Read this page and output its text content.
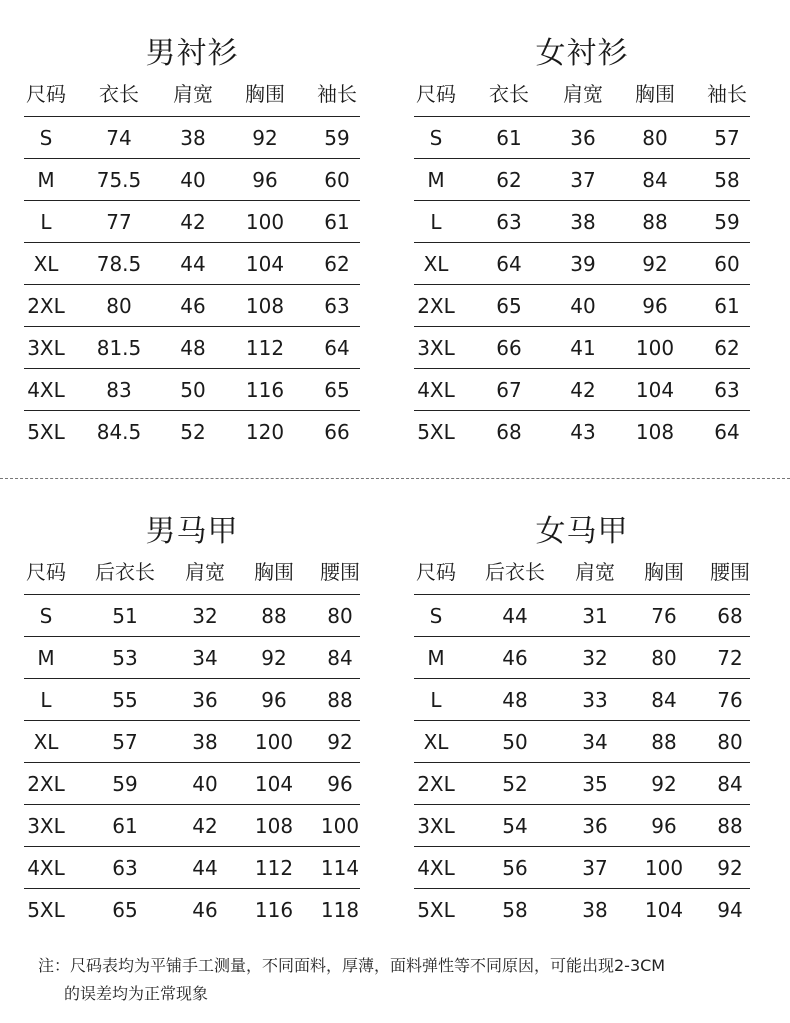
男衬衫
尺码	衣长	肩宽	胸围	袖长
S	74	38	92	59
M	75.5	40	96	60
L	77	42	100	61
XL	78.5	44	104	62
2XL	80	46	108	63
3XL	81.5	48	112	64
4XL	83	50	116	65
5XL	84.5	52	120	66
女衬衫
尺码	衣长	肩宽	胸围	袖长
S	61	36	80	57
M	62	37	84	58
L	63	38	88	59
XL	64	39	92	60
2XL	65	40	96	61
3XL	66	41	100	62
4XL	67	42	104	63
5XL	68	43	108	64
男马甲
尺码	后衣长	肩宽	胸围	腰围
S	51	32	88	80
M	53	34	92	84
L	55	36	96	88
XL	57	38	100	92
2XL	59	40	104	96
3XL	61	42	108	100
4XL	63	44	112	114
5XL	65	46	116	118
女马甲
尺码	后衣长	肩宽	胸围	腰围
S	44	31	76	68
M	46	32	80	72
L	48	33	84	76
XL	50	34	88	80
2XL	52	35	92	84
3XL	54	36	96	88
4XL	56	37	100	92
5XL	58	38	104	94
注：尺码表均为平铺手工测量，不同面料，厚薄，面料弹性等不同原因，可能出现2-3CM
的误差均为正常现象
